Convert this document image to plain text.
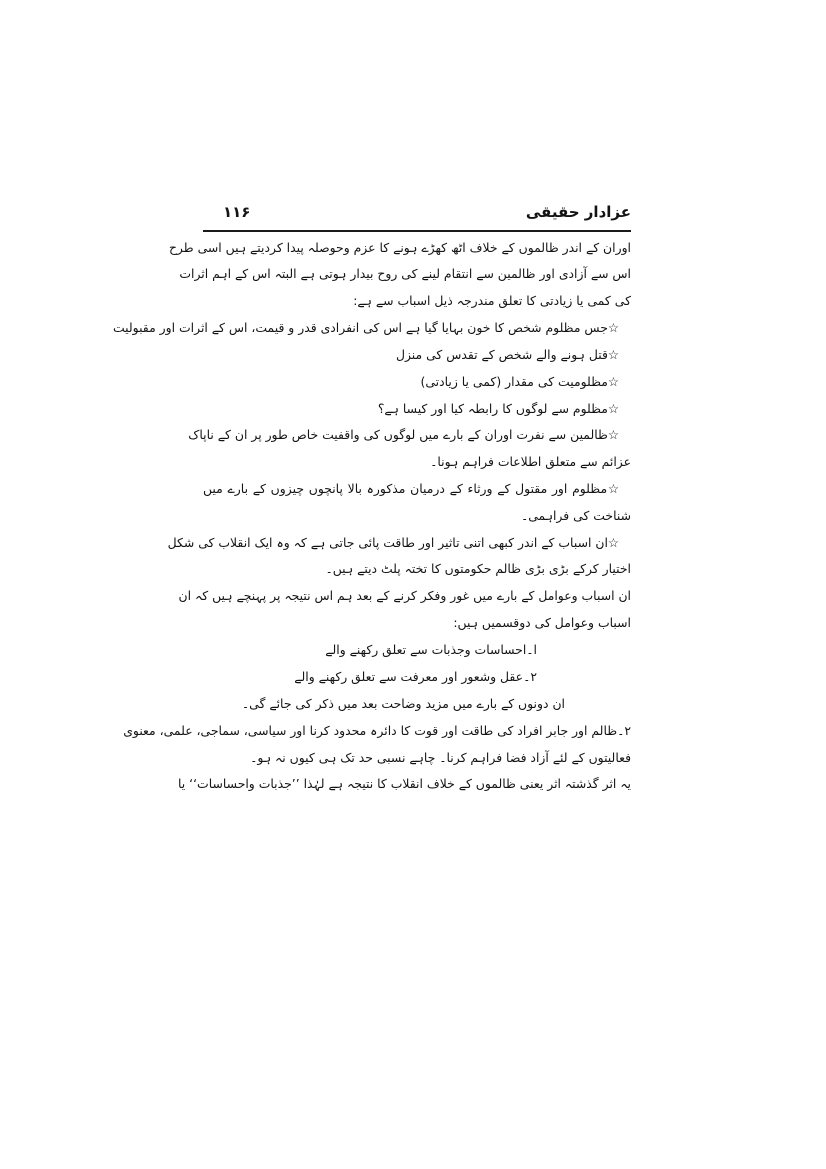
عزادار حقیقی
۱۱۶
اوران کے اندر ظالموں کے خلاف اٹھ کھڑے ہونے کا عزم وحوصلہ پیدا کردیتے ہیں اسی طرح
اس سے آزادی اور ظالمین سے انتقام لینے کی روح بیدار ہوتی ہے البتہ اس کے اہم اثرات
کی کمی یا زیادتی کا تعلق مندرجہ ذیل اسباب سے ہے:
☆جس مظلوم شخص کا خون بہایا گیا ہے اس کی انفرادی قدر و قیمت، اس کے اثرات اور مقبولیت
☆قتل ہونے والے شخص کے تقدس کی منزل
☆مظلومیت کی مقدار (کمی یا زیادتی)
☆مظلوم سے لوگوں کا رابطہ کیا اور کیسا ہے؟
☆ظالمین سے نفرت اوران کے بارے میں لوگوں کی واقفیت خاص طور پر ان کے ناپاک
عزائم سے متعلق اطلاعات فراہم ہونا۔
☆مظلوم اور مقتول کے ورثاء کے درمیان مذکورہ بالا پانچوں چیزوں کے بارے میں
شناخت کی فراہمی۔
☆ان اسباب کے اندر کبھی اتنی تاثیر اور طاقت پائی جاتی ہے کہ وہ ایک انقلاب کی شکل
اختیار کرکے بڑی بڑی ظالم حکومتوں کا تختہ پلٹ دیتے ہیں۔
ان اسباب وعوامل کے بارے میں غور وفکر کرنے کے بعد ہم اس نتیجہ پر پہنچے ہیں کہ ان
اسباب وعوامل کی دوقسمیں ہیں:
ا۔احساسات وجذبات سے تعلق رکھنے والے
۲۔عقل وشعور اور معرفت سے تعلق رکھنے والے
ان دونوں کے بارے میں مزید وضاحت بعد میں ذکر کی جائے گی۔
۲۔ظالم اور جابر افراد کی طاقت اور قوت کا دائرہ محدود کرنا اور سیاسی، سماجی، علمی، معنوی
فعالیتوں کے لئے آزاد فضا فراہم کرنا۔ چاہے نسبی حد تک ہی کیوں نہ ہو۔
یہ اثر گذشتہ اثر یعنی ظالموں کے خلاف انقلاب کا نتیجہ ہے لہٰذا ’’جذبات واحساسات‘‘ یا
